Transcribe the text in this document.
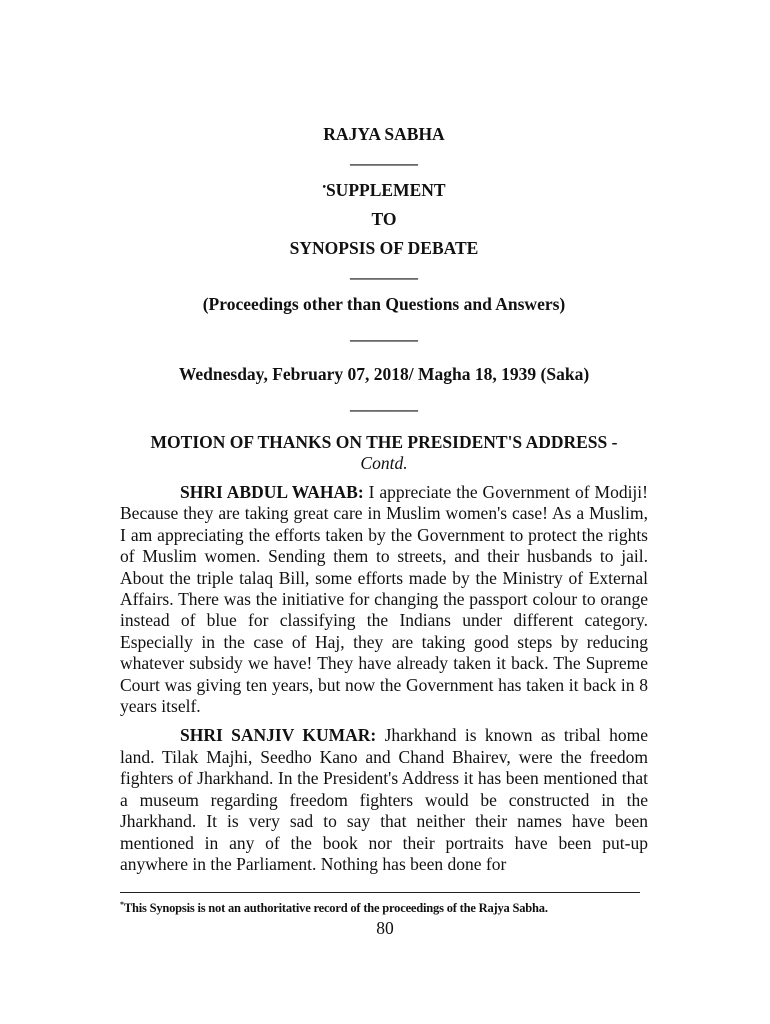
RAJYA SABHA
————
•SUPPLEMENT
TO
SYNOPSIS OF DEBATE
————
(Proceedings other than Questions and Answers)
————
Wednesday, February 07, 2018/ Magha 18, 1939 (Saka)
————
MOTION OF THANKS ON THE PRESIDENT'S ADDRESS -
Contd.

SHRI ABDUL WAHAB: I appreciate the Government of Modiji! Because they are taking great care in Muslim women's case! As a Muslim, I am appreciating the efforts taken by the Government to protect the rights of Muslim women. Sending them to streets, and their husbands to jail. About the triple talaq Bill, some efforts made by the Ministry of External Affairs. There was the initiative for changing the passport colour to orange instead of blue for classifying the Indians under different category. Especially in the case of Haj, they are taking good steps by reducing whatever subsidy we have! They have already taken it back. The Supreme Court was giving ten years, but now the Government has taken it back in 8 years itself.

SHRI SANJIV KUMAR: Jharkhand is known as tribal home land. Tilak Majhi, Seedho Kano and Chand Bhairev, were the freedom fighters of Jharkhand. In the President's Address it has been mentioned that a museum regarding freedom fighters would be constructed in the Jharkhand. It is very sad to say that neither their names have been mentioned in any of the book nor their portraits have been put-up anywhere in the Parliament. Nothing has been done for

*This Synopsis is not an authoritative record of the proceedings of the Rajya Sabha.
80
